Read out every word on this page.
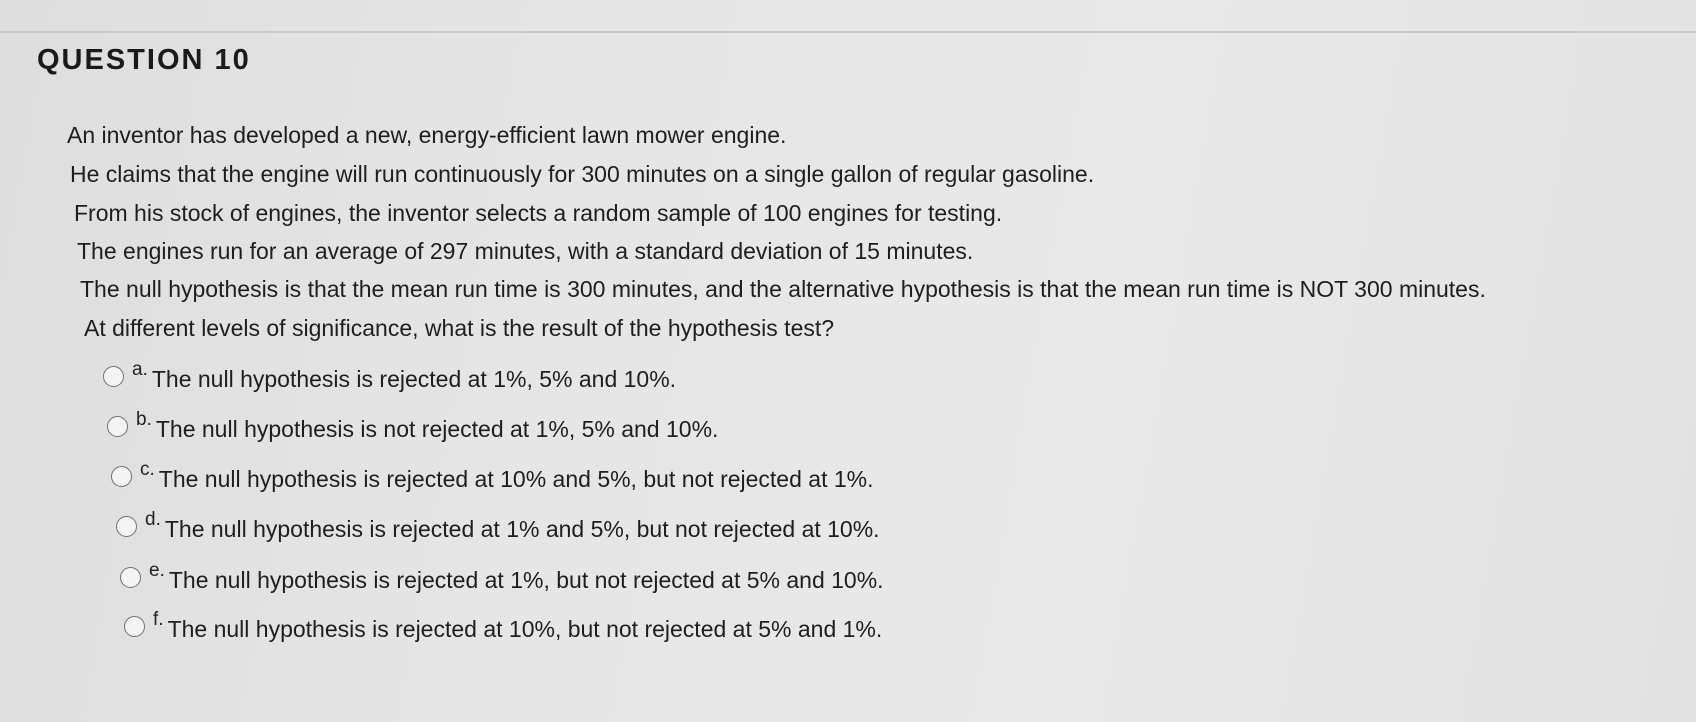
QUESTION 10
An inventor has developed a new, energy-efficient lawn mower engine.
He claims that the engine will run continuously for 300 minutes on a single gallon of regular gasoline.
From his stock of engines, the inventor selects a random sample of 100 engines for testing.
The engines run for an average of 297 minutes, with a standard deviation of 15 minutes.
The null hypothesis is that the mean run time is 300 minutes, and the alternative hypothesis is that the mean run time is NOT 300 minutes.
At different levels of significance, what is the result of the hypothesis test?
a. The null hypothesis is rejected at 1%, 5% and 10%.
b. The null hypothesis is not rejected at 1%, 5% and 10%.
c. The null hypothesis is rejected at 10% and 5%, but not rejected at 1%.
d. The null hypothesis is rejected at 1% and 5%, but not rejected at 10%.
e. The null hypothesis is rejected at 1%, but not rejected at 5% and 10%.
f. The null hypothesis is rejected at 10%, but not rejected at 5% and 1%.
